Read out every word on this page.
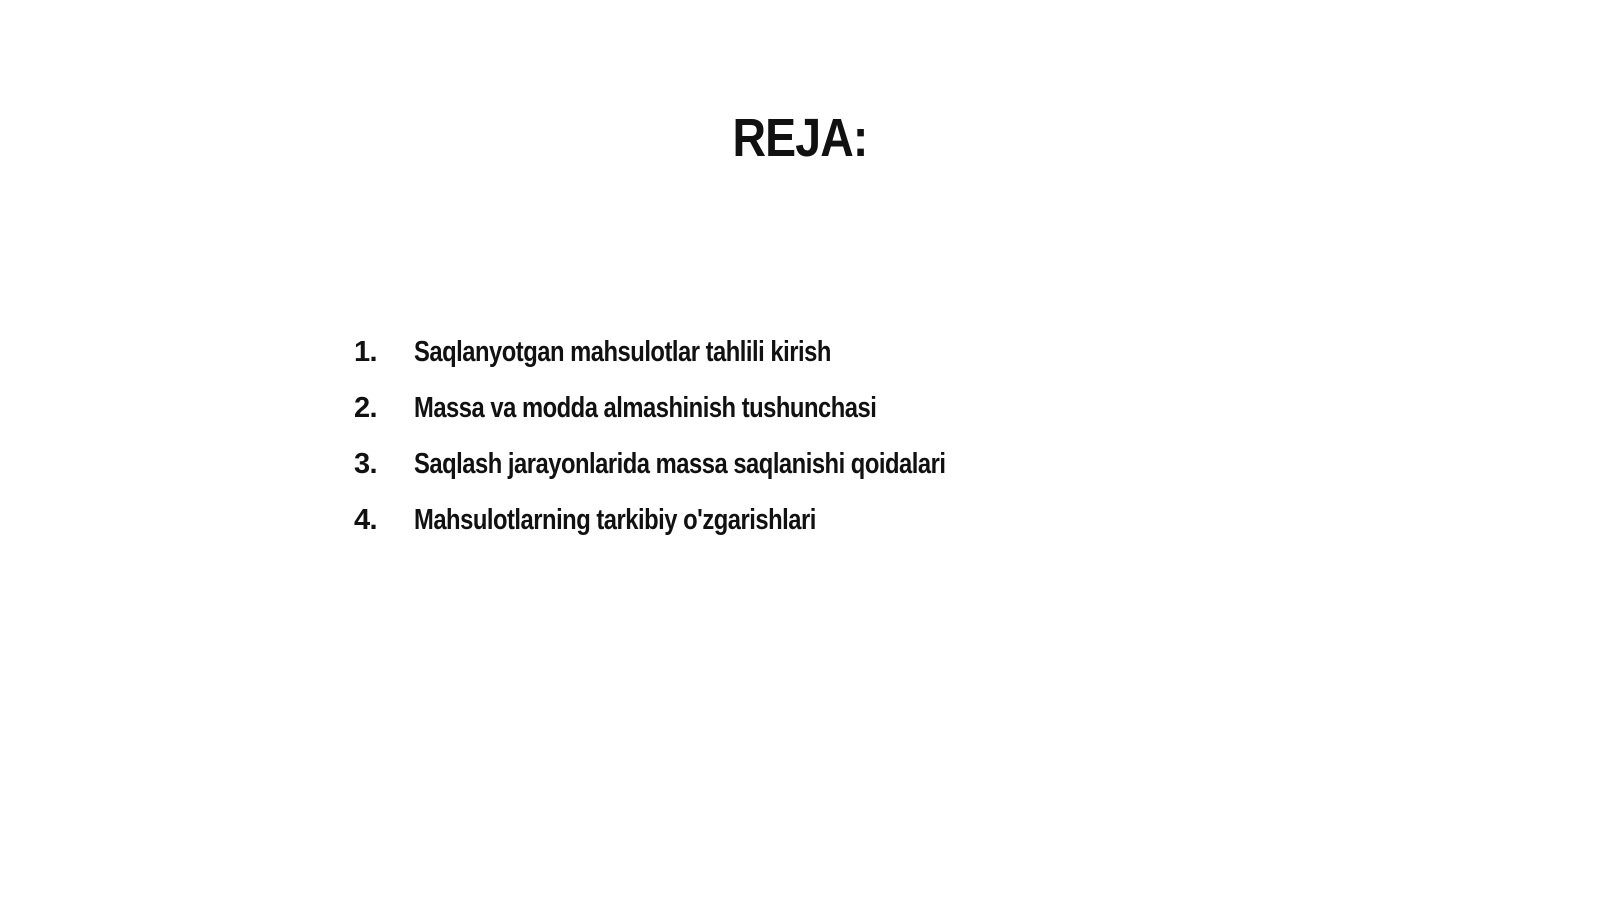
REJA:
1.	Saqlanyotgan mahsulotlar tahlili kirish
2.	Massa va modda almashinish tushunchasi
3.	Saqlash jarayonlarida massa saqlanishi qoidalari
4.	Mahsulotlarning tarkibiy o'zgarishlari
